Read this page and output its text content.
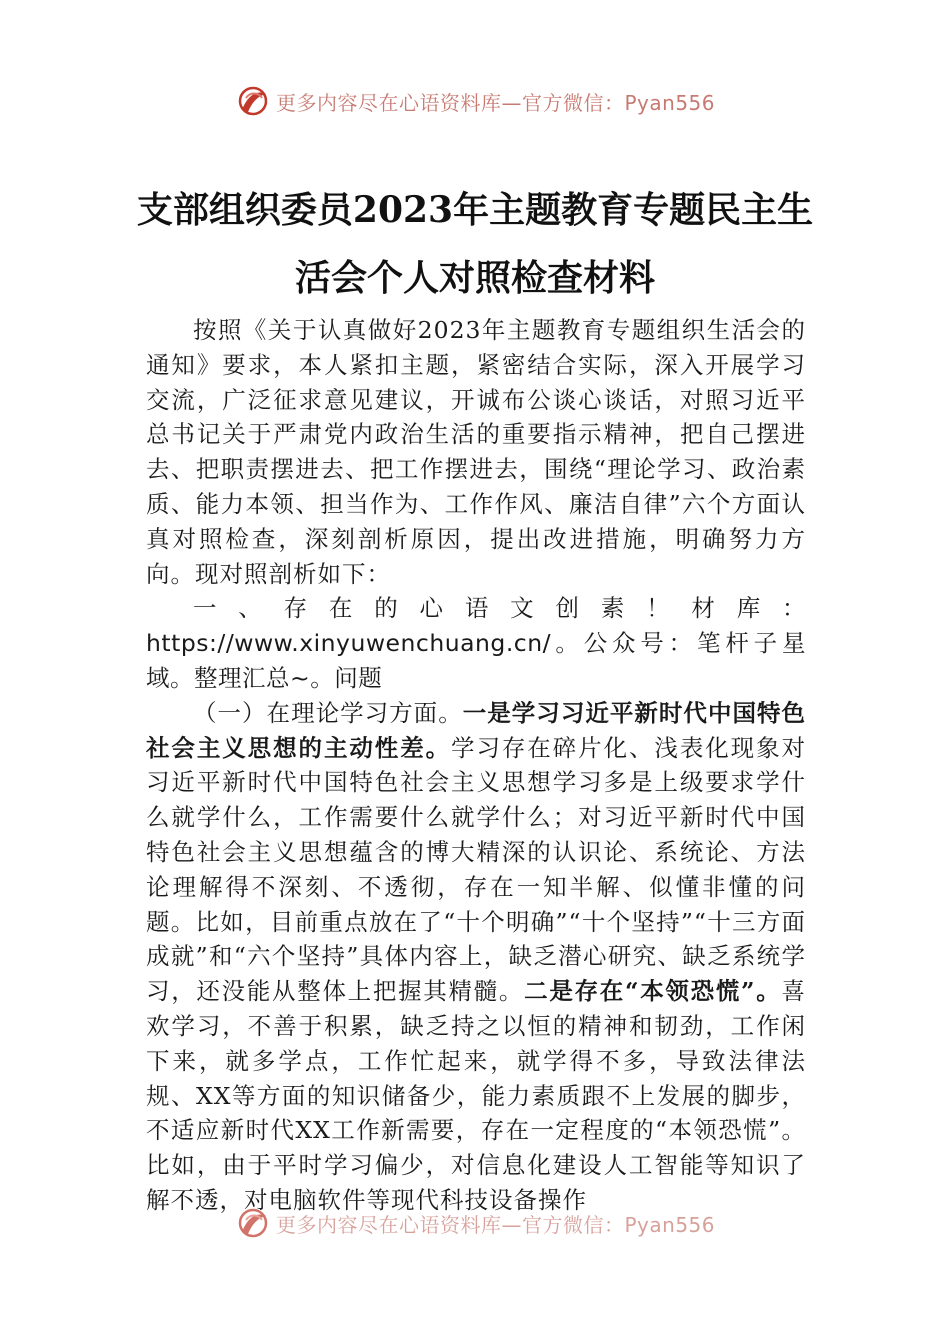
更多内容尽在心语资料库—官方微信：Pyan556
支部组织委员2023年主题教育专题民主生
活会个人对照检查材料

按照《关于认真做好2023年主题教育专题组织生活会的通知》要求，本人紧扣主题，紧密结合实际，深入开展学习交流，广泛征求意见建议，开诚布公谈心谈话，对照习近平总书记关于严肃党内政治生活的重要指示精神，把自己摆进去、把职责摆进去、把工作摆进去，围绕“理论学习、政治素质、能力本领、担当作为、工作作风、廉洁自律”六个方面认真对照检查，深刻剖析原因，提出改进措施，明确努力方向。现对照剖析如下：

一、存在的心语文创素！材库：https://www.xinyuwenchuang.cn/。公众号：笔杆子星域。整理汇总~。问题

（一）在理论学习方面。一是学习习近平新时代中国特色社会主义思想的主动性差。学习存在碎片化、浅表化现象对习近平新时代中国特色社会主义思想学习多是上级要求学什么就学什么，工作需要什么就学什么；对习近平新时代中国特色社会主义思想蕴含的博大精深的认识论、系统论、方法论理解得不深刻、不透彻，存在一知半解、似懂非懂的问题。比如，目前重点放在了“十个明确”“十个坚持”“十三方面成就”和“六个坚持”具体内容上，缺乏潜心研究、缺乏系统学习，还没能从整体上把握其精髓。二是存在“本领恐慌”。喜欢学习，不善于积累，缺乏持之以恒的精神和韧劲，工作闲下来，就多学点，工作忙起来，就学得不多，导致法律法规、XX等方面的知识储备少，能力素质跟不上发展的脚步，不适应新时代XX工作新需要，存在一定程度的“本领恐慌”。比如，由于平时学习偏少，对信息化建设人工智能等知识了解不透，对电脑软件等现代科技设备操作

更多内容尽在心语资料库—官方微信：Pyan556
